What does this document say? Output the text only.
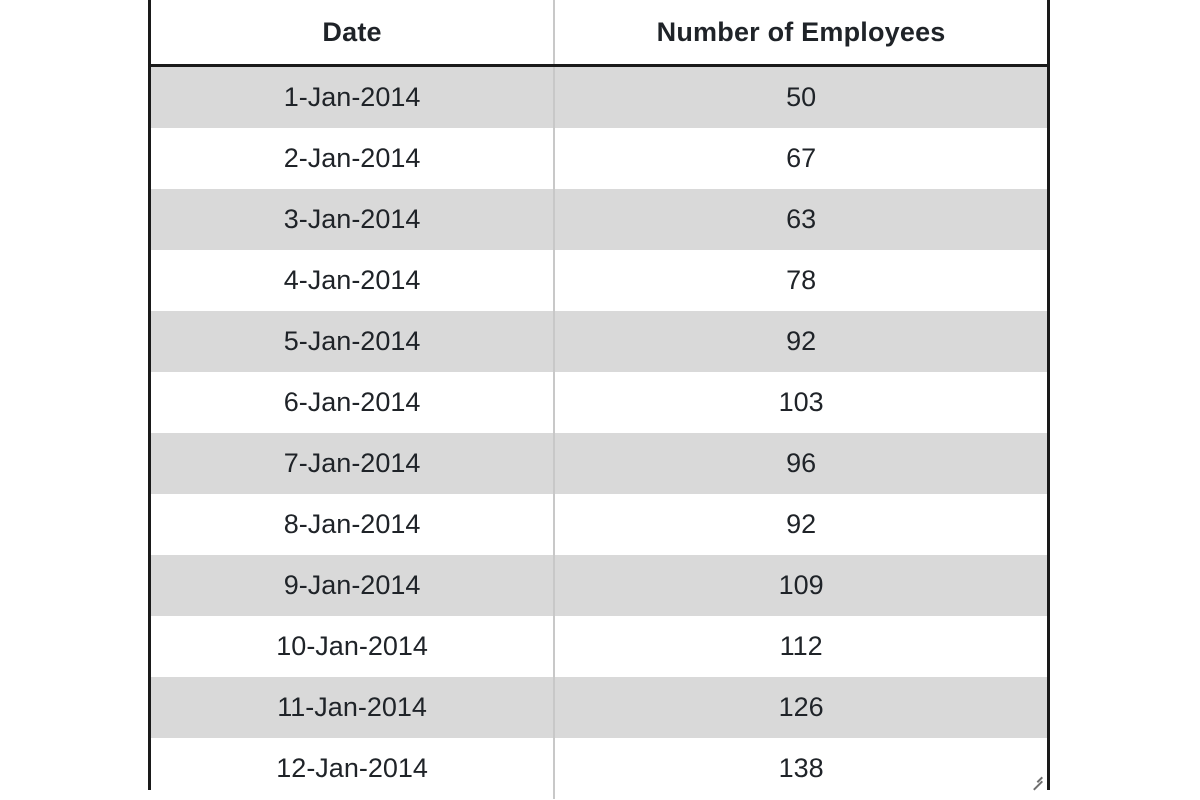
Date	Number of Employees
1-Jan-2014	50
2-Jan-2014	67
3-Jan-2014	63
4-Jan-2014	78
5-Jan-2014	92
6-Jan-2014	103
7-Jan-2014	96
8-Jan-2014	92
9-Jan-2014	109
10-Jan-2014	112
11-Jan-2014	126
12-Jan-2014	138
